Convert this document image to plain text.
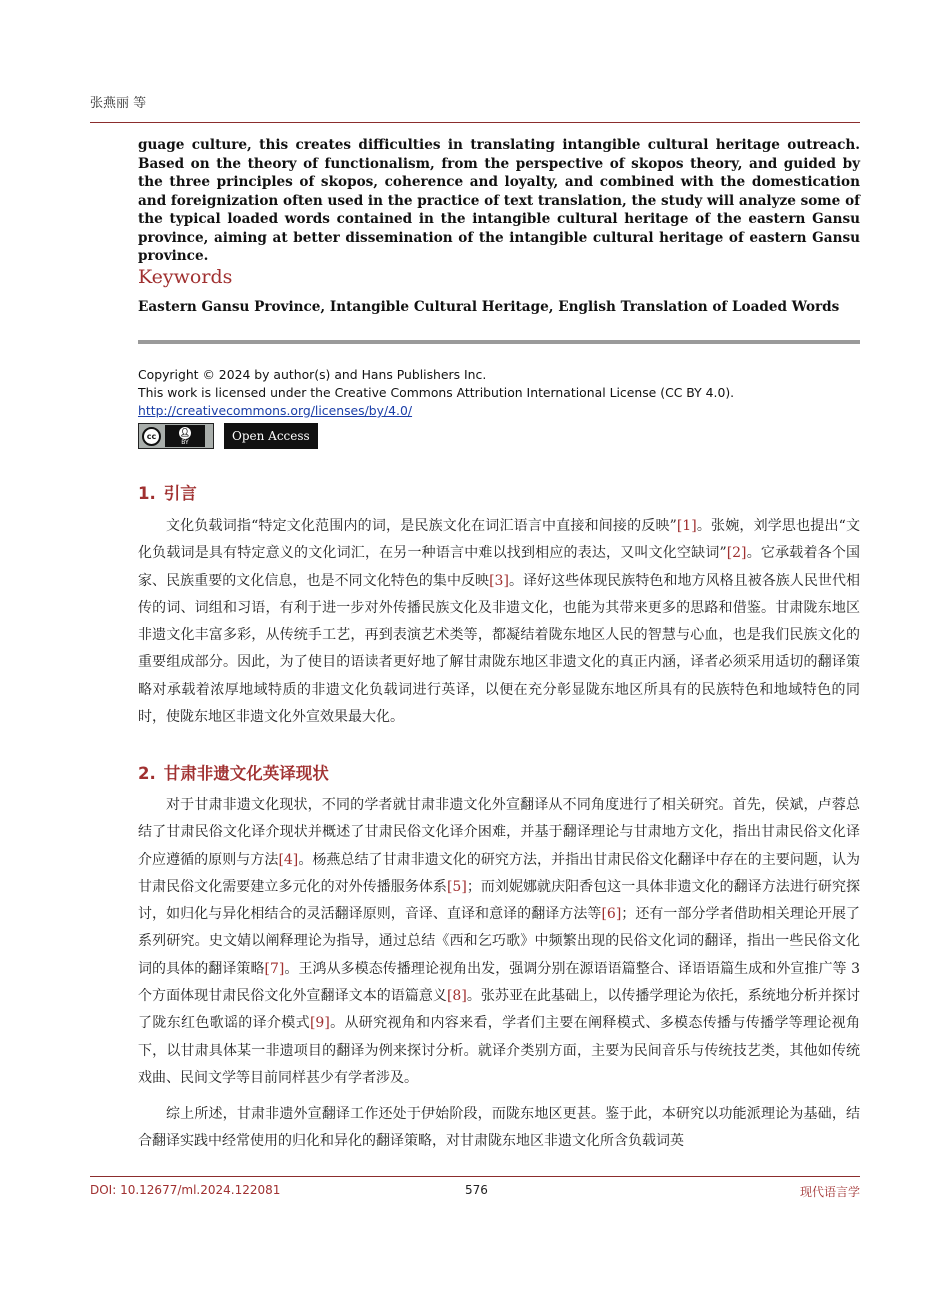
张燕丽 等
guage culture, this creates difficulties in translating intangible cultural heritage outreach. Based on the theory of functionalism, from the perspective of skopos theory, and guided by the three principles of skopos, coherence and loyalty, and combined with the domestication and foreignization often used in the practice of text translation, the study will analyze some of the typical loaded words contained in the intangible cultural heritage of the eastern Gansu province, aiming at better dissemination of the intangible cultural heritage of eastern Gansu province.
Keywords
Eastern Gansu Province, Intangible Cultural Heritage, English Translation of Loaded Words
Copyright © 2024 by author(s) and Hans Publishers Inc.
This work is licensed under the Creative Commons Attribution International License (CC BY 4.0).
http://creativecommons.org/licenses/by/4.0/
cc	👤︎
BY	Open Access
1. 引言
文化负载词指“特定文化范围内的词，是民族文化在词汇语言中直接和间接的反映”[1]。张婉，刘学思也提出“文化负载词是具有特定意义的文化词汇，在另一种语言中难以找到相应的表达，又叫文化空缺词”[2]。它承载着各个国家、民族重要的文化信息，也是不同文化特色的集中反映[3]。译好这些体现民族特色和地方风格且被各族人民世代相传的词、词组和习语，有利于进一步对外传播民族文化及非遗文化，也能为其带来更多的思路和借鉴。甘肃陇东地区非遗文化丰富多彩，从传统手工艺，再到表演艺术类等，都凝结着陇东地区人民的智慧与心血，也是我们民族文化的重要组成部分。因此，为了使目的语读者更好地了解甘肃陇东地区非遗文化的真正内涵，译者必须采用适切的翻译策略对承载着浓厚地域特质的非遗文化负载词进行英译，以便在充分彰显陇东地区所具有的民族特色和地域特色的同时，使陇东地区非遗文化外宣效果最大化。
2. 甘肃非遗文化英译现状
对于甘肃非遗文化现状，不同的学者就甘肃非遗文化外宣翻译从不同角度进行了相关研究。首先，侯斌，卢蓉总结了甘肃民俗文化译介现状并概述了甘肃民俗文化译介困难，并基于翻译理论与甘肃地方文化，指出甘肃民俗文化译介应遵循的原则与方法[4]。杨燕总结了甘肃非遗文化的研究方法，并指出甘肃民俗文化翻译中存在的主要问题，认为甘肃民俗文化需要建立多元化的对外传播服务体系[5]；而刘妮娜就庆阳香包这一具体非遗文化的翻译方法进行研究探讨，如归化与异化相结合的灵活翻译原则，音译、直译和意译的翻译方法等[6]；还有一部分学者借助相关理论开展了系列研究。史文婧以阐释理论为指导，通过总结《西和乞巧歌》中频繁出现的民俗文化词的翻译，指出一些民俗文化词的具体的翻译策略[7]。王鸿从多模态传播理论视角出发，强调分别在源语语篇整合、译语语篇生成和外宣推广等 3 个方面体现甘肃民俗文化外宣翻译文本的语篇意义[8]。张苏亚在此基础上，以传播学理论为依托，系统地分析并探讨了陇东红色歌谣的译介模式[9]。从研究视角和内容来看，学者们主要在阐释模式、多模态传播与传播学等理论视角下，以甘肃具体某一非遗项目的翻译为例来探讨分析。就译介类别方面，主要为民间音乐与传统技艺类，其他如传统戏曲、民间文学等目前同样甚少有学者涉及。
综上所述，甘肃非遗外宣翻译工作还处于伊始阶段，而陇东地区更甚。鉴于此，本研究以功能派理论为基础，结合翻译实践中经常使用的归化和异化的翻译策略，对甘肃陇东地区非遗文化所含负载词英
DOI: 10.12677/ml.2024.122081	576	现代语言学
